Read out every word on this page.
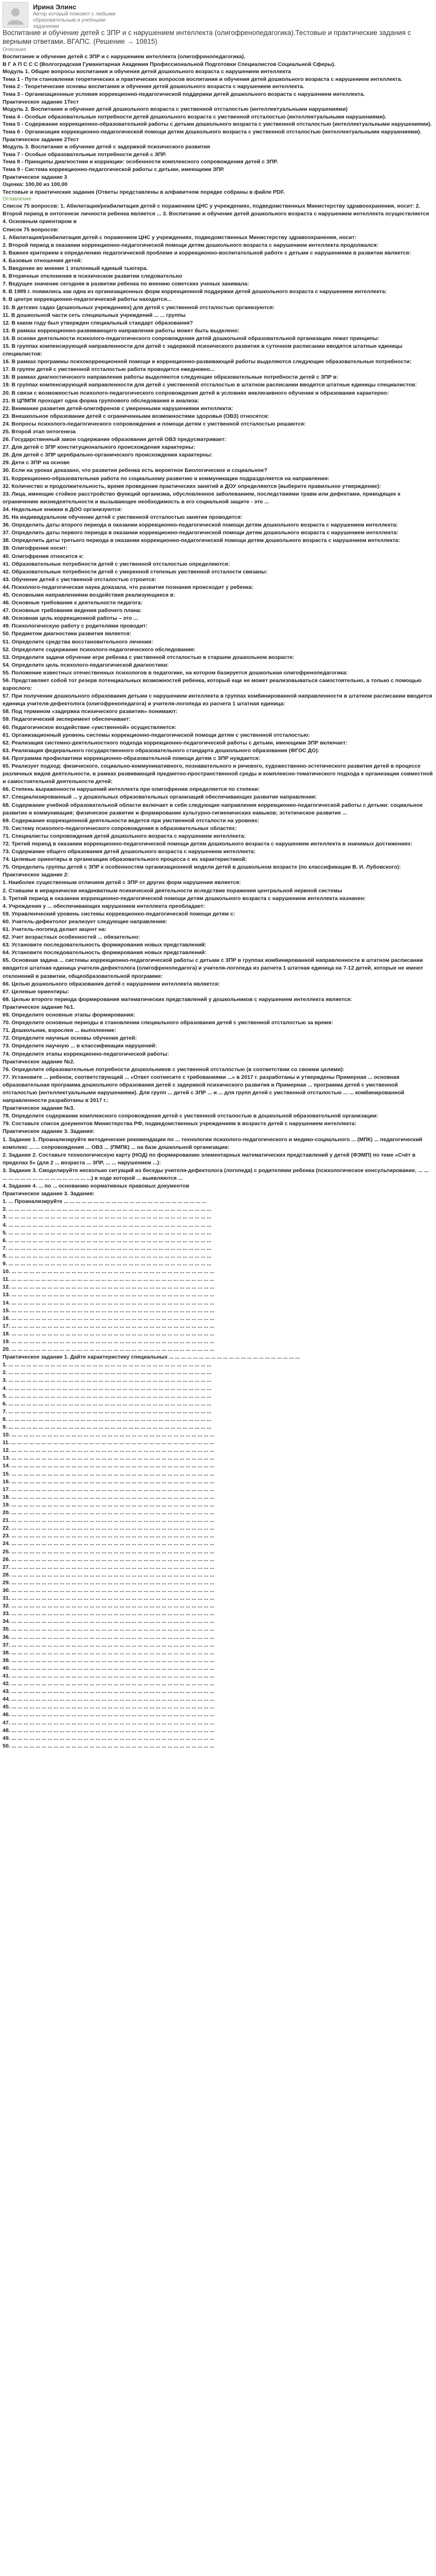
Ирина Элинс
Автор который поможет с любыми образовательным и учебными заданиями
Воспитание и обучение детей с ЗПР и с нарушением интеллекта (олигофренопедагогика).Тестовые и практические задания с верными ответами. ВГАПС. (Решение → 10815)
Описание

Воспитание и обучение детей с ЗПР и с нарушением интеллекта (олигофренопедагогика).

В Г А П С С С (Волгоградская Гуманитарная Академия Профессиональной Подготовки Специалистов Социальной Сферы).

Модуль 1. Общие вопросы воспитания и обучения детей дошкольного возраста с нарушением интеллекта

Тема 1 - Пути становления теоретических и практических вопросов воспитания и обучения детей дошкольного возраста с нарушением интеллекта.

Тема 2 - Теоретические основы воспитания и обучения детей дошкольного возраста с нарушением интеллекта.

Тема 3 - Организационные условия коррекционно-педагогической поддержки детей дошкольного возраста с нарушением интеллекта.

Практическое задание 1Тест

Модуль 2. Воспитание и обучение детей дошкольного возраста с умственной отсталостью (интеллектуальными нарушениями)

Тема 4 - Особые образовательные потребности детей дошкольного возраста с умственной отсталостью (интеллектуальными нарушениями).

Тема 5 - Содержание коррекционно-образовательной работы с детьми дошкольного возраста с умственной отсталостью (интеллектуальными нарушениями).

Тема 6 - Организация коррекционно-педагогической помощи детям дошкольного возраста с умственной отсталостью (интеллектуальными нарушениями).

Практическое задание 2Тест

Модуль 3. Воспитание и обучение детей с задержкой психического развития

Тема 7 - Особые образовательные потребности детей с ЗПР.

Тема 8 - Принципы диагностики и коррекции: особенности комплексного сопровождения детей с ЗПР.

Тема 9 - Система коррекционно-педагогической работы с детьми, имеющими ЗПР.

Практическое задание 3

Оценка: 100,00 из 100,00

Тестовые и практические задания (Ответы представлены в алфавитном порядке собраны в файле PDF.

Оглавление

Список 75 вопросов: 1. Абилитация/реабилитация детей с поражением ЦНС у учреждениях, подведомственных Министерству здравоохранения, носит: 2. Второй период в онтогенезе личности ребенка является ... 3. Воспитание и обучение детей дошкольного возраста с нарушением интеллекта осуществляется 4. Основным ориентиром в

Список 75 вопросов:

1. Абилитация/реабилитация детей с поражением ЦНС у учреждениях, подведомственных Министерству здравоохранения, носит:

2. Второй период в оказании коррекционно-педагогической помощи детям дошкольного возраста с нарушением интеллекта продолжался:

3. Важнее критерием к определению педагогической проблеме и коррекционно-воспитательной работе с детьми с нарушениями в развитии является:

4. Базовые отношения детей:

5. Введение во мнение 1 эталонный единый тьютера.

6. Вторичные отклонения в психическом развитии следовательно

7. Ведущее значение сегодняя в развитии ребенка по мнению советских ученых занимала:

8. В 1989 г. появились как одна из организационных форм коррекционной поддержки детей дошкольного возраста с нарушением интеллекта:

9. В центре коррекционно-педагогической работы находится...

10. В детских садах (дошкольных учреждениях) для детей с умственной отсталостью организуются:

11. В дошкольной части сеть специальных учреждений ... ... группы

12. В каком году был утвержден специальный стандарт образования?

13. В рамках коррекционно-развивающего направления работы может быть выделено:

14. В основе деятельности психолого-педагогического сопровождения детей дошкольной образовательной организации лежат принципы:

15. В группах компенсирующей направленности для детей с задержкой психического развития в суточном расписании вводятся штатные единицы специалистов:

16. В рамках программы психокоррекционной помощи и коррекционно-развивающей работы выделяются следующие образовательные потребности:

17. В группе детей с умственной отсталостью работа проводится ежедневно...

18. В рамках диагностического направления работы выделяются следующие образовательные потребности детей с ЗПР в:

19. В группах компенсирующей направленности для детей с умственной отсталостью в штатном расписании вводятся штатные единицы специалистов:

20. В связи с возможностью психолого-педагогического сопровождения детей в условиях инклюзивного обучения и образования характерно:

21. В ЦПМПК проходит одна форма группового обследования и анализа:

22. Внимание развития детей-олигофренов с умеренными нарушениями интеллекта:

23. Внешкольное образование детей с ограниченными возможностями здоровья (ОВЗ) относятся:

24. Вопросы психолого-педагогического сопровождения и помощи детям с умственной отсталостью решаются:

25. Второй этап онтогенеза

26. Государственный закон содержание образования детей ОВЗ предусматривает:

27. Для детей с ЗПР конституционального происхождения характерны:

28. Для детей с ЗПР церебрально-органического происхождения характерны:

29. Дети с ЗПР на основе

30. Если на уроках доказано, что развития ребенка есть вероятное Биологическое и социальное?

31. Коррекционно-образовательная работа по социальному развитию и коммуникации подразделяется на направления:

32. Количество и продолжительность, время проведения практических занятий в ДОУ определяются (выберите правильное утверждение):

33. Лица, имеющие стойкое расстройство функций организма, обусловленное заболеванием, последствиями травм или дефектами, приводящее к ограничению жизнедеятельности и вызывающее необходимость в его социальной защите - это ...

34. Недельные книжки в ДОО организуются:

35. На индивидуальном обучении детей с умственной отсталостью занятия проводятся:

36. Определить даты второго периода в оказании коррекционно-педагогической помощи детям дошкольного возраста с нарушением интеллекта:

37. Определить даты первого периода в оказании коррекционно-педагогической помощи детям дошкольного возраста с нарушением интеллекта:

38. Определить даты третьего периода в оказании коррекционно-педагогической помощи детям дошкольного возраста с нарушением интеллекта:

39. Олигофрения носит:

40. Олигофрения относится к:

41. Образовательные потребности детей с умственной отсталостью определяются:

42. Образовательные потребности детей с умеренной степенью умственной отсталости связаны:

43. Обучение детей с умственной отсталостью строится:

44. Психолого-педагогическая наука доказала, что развитие познания происходит у ребенка:

45. Основными направлениями воздействия реализующиеся в:

46. Основные требования к деятельности педагога:

47. Основные требования ведения рабочего плана:

48. Основная цель коррекционной работы – это ...

49. Психологическую работу с родителями проводит:

50. Предметом диагностики развития является:

51. Определите средства восстановительного лечения:

52. Определите содержание психолого-педагогического обследования:

53. Определите задачи обучение игре ребенка с умственной отсталостью в старшем дошкольном возрасте:

54. Определите цель психолого-педагогической диагностики:

55. Положение известных отечественных психологов в педагогике, на котором базируется дошкольная олигофренопедагогика:

56. Представляет собой тот резерв потенциальных возможностей ребенка, который еще не может реализовываться самостоятельно, а только с помощью взрослого:

57. При получении дошкольного образования детьми с нарушением интеллекта в группах комбинированной направленности в штатном расписании вводится единица учителя-дефектолога (олигофренопедагога) и учителя-логопеда из расчета 1 штатная единица:

58. Под термином «задержка психического развития» понимают:

59. Педагогический эксперимент обеспечивает:

60. Педагогическое воздействие «умственной» осуществляется:

61. Организационный уровень системы коррекционно-педагогической помощи детям с умственной отсталостью:

62. Реализация системно-деятельностного подхода коррекционно-педагогической работы с детьми, имеющими ЗПР включает:

63. Реализация федерального государственного образовательного стандарта дошкольного образования (ФГОС ДО):

64. Программа профилактики коррекционно-образовательной помощи детям с ЗПР нуждается:

65. Реализует подход: физического, социально-коммуникативного, познавательного и речевого, художественно-эстетического развития детей в процессе различных видов деятельности, в рамках развивающей предметно-пространственной среды и комплексно-тематического подхода к организации совместной и самостоятельной деятельности детей:

66. Степень выраженности нарушений интеллекта при олигофрении определяется по степени:

67. Специализированный ... у дошкольных образовательных организаций обеспечивающих развитие направления:

68. Содержание учебной образовательной области включает в себя следующие направления коррекционно-педагогической работы с детьми: социальное развитие и коммуникация; физическое развитие и формирование культурно-гигиенических навыков; эстетическое развитие ...

69. Содержание коррекционной деятельности ведется при умственной отсталости на уровнях:

70. Систему психолого-педагогического сопровождения в образовательных областях:

71. Специалисты сопровождения детей дошкольного возраста с нарушением интеллекта:

72. Третий период в оказании коррекционно-педагогической помощи детям дошкольного возраста с нарушением интеллекта в значимых достижениях:

73. Содержание общего образования детей дошкольного возраста с нарушением интеллекта:

74. Целевые ориентиры в организации образовательного процесса с их характеристикой:

75. Определить группы детей с ЗПР к особенностям организационной модели детей в дошкольном возрасте (по классификации В. И. Лубовского):

Практическое задание 2:

1. Наиболее существенным отличием детей с ЗПР от других форм нарушения является:

2. Ставшим в иерархически неадекватным психической деятельности вследствие поражения центральной нервной системы

3. Третий период в оказании коррекционно-педагогической помощи детям дошкольного возраста с нарушением интеллекта назначен:

4. Учреждения у ... обеспечивающих нарушением интеллекта преобладает:

59. Управленческий уровень системы коррекционно-педагогической помощи детям с:

60. Учитель-дефектолог реализует следующие направления:

61. Учитель-логопед делает акцент на:

62. Учет возрастных особенностей ... обязательно:

63. Установите последовательность формирования новых представлений:

64. Установите последовательность формирования новых представлений:

65. Основная задача ... системы коррекционно-педагогической работы с детьми с ЗПР в группах комбинированной направленности в штатном расписании вводится штатная единица учителя-дефектолога (олигофренопедагога) и учителя-логопеда из расчета 1 штатная единица на 7-12 детей, которые не имеют отклонений в развитии, общеобразовательной программе:

66. Целью дошкольного образования детей с нарушением интеллекта является:

67. Целевые ориентиры:

68. Целью второго периода формирования математических представлений у дошкольников с нарушением интеллекта является:

Практическое задание №1.

69. Определите основные этапы формирования:

70. Определите основные периоды в становлении специального образования детей с умственной отсталостью за время:

71. Дошкольник, взрослея ... выполнение:

72. Определите научные основы обучения детей:

73. Определите научную ... в классификации нарушений:

74. Определите этапы коррекционно-педагогической работы:

Практическое задание №2.

76. Определите образовательные потребности дошкольников с умственной отсталостью (в соответствии со своими целями):

77. Установите ... ребенок, соответствующий ... «Ответ соотнесите с требованиями ...» в 2017 г. разработаны и утверждены Примерная ... основная образовательная программа дошкольного образования детей с задержкой психического развития и Примерная ... программа детей с умственной отсталостью (интеллектуальными нарушениями). Для групп ... детей с ЗПР ... и ... для групп детей с умственной отсталостью ... ... комбинированной направленности разработаны в 2017 г.:

Практическое задание №3.

78. Определите содержание комплексного сопровождения детей с умственной отсталостью в дошкольной образовательной организации:

79. Составьте список документов Министерства РФ, подведомственных учреждениям в возрасте детей с нарушением интеллекта:

Практическое задание 3. Задания:

1. Задание 1. Проанализируйте методические рекомендации по ... технологии психолого-педагогического и медико-социального ... (МПК) ... педагогический комплекс ... ... сопровождения ... ОВЗ ... (ПМПК) ... на базе дошкольной организации:

2. Задание 2. Составьте технологическую карту (НОД) по формированию элементарных математических представлений у детей (ФЭМП) по теме «Счёт в пределах 5» (для 2 ... возраста ... ЗПР, ... ... нарушением ...):

3. Задание 3. Смоделируйте несколько ситуаций из беседы учителя-дефектолога (логопеда) с родителями ребенка (психологическое консультирование, ... ... ... ... ... ... ... ... ... ... ... ... ... ... ... ... ...) в ходе которой ... выявляются ...

4. Задание 4. ... по ... основанию нормативных правовых документов

Практическое задание 3. Задания:

1. ... Проанализируйте ... ... ... ... ... ... ... ... ... ... ... ... ... ... ... ... ... ... ... ... ... ... ... ...

2. ... ... ... ... ... ... ... ... ... ... ... ... ... ... ... ... ... ... ... ... ... ... ... ... ... ... ... ... ... ... ... ... ... ...

3. ... ... ... ... ... ... ... ... ... ... ... ... ... ... ... ... ... ... ... ... ... ... ... ... ... ... ... ... ... ... ... ... ... ...

4. ... ... ... ... ... ... ... ... ... ... ... ... ... ... ... ... ... ... ... ... ... ... ... ... ... ... ... ... ... ... ... ... ... ...

5. ... ... ... ... ... ... ... ... ... ... ... ... ... ... ... ... ... ... ... ... ... ... ... ... ... ... ... ... ... ... ... ... ... ...

6. ... ... ... ... ... ... ... ... ... ... ... ... ... ... ... ... ... ... ... ... ... ... ... ... ... ... ... ... ... ... ... ... ... ...

7. ... ... ... ... ... ... ... ... ... ... ... ... ... ... ... ... ... ... ... ... ... ... ... ... ... ... ... ... ... ... ... ... ... ...

8. ... ... ... ... ... ... ... ... ... ... ... ... ... ... ... ... ... ... ... ... ... ... ... ... ... ... ... ... ... ... ... ... ... ...

9. ... ... ... ... ... ... ... ... ... ... ... ... ... ... ... ... ... ... ... ... ... ... ... ... ... ... ... ... ... ... ... ... ... ...

10. ... ... ... ... ... ... ... ... ... ... ... ... ... ... ... ... ... ... ... ... ... ... ... ... ... ... ... ... ... ... ... ... ... ...

11. ... ... ... ... ... ... ... ... ... ... ... ... ... ... ... ... ... ... ... ... ... ... ... ... ... ... ... ... ... ... ... ... ... ...

12. ... ... ... ... ... ... ... ... ... ... ... ... ... ... ... ... ... ... ... ... ... ... ... ... ... ... ... ... ... ... ... ... ... ...

13. ... ... ... ... ... ... ... ... ... ... ... ... ... ... ... ... ... ... ... ... ... ... ... ... ... ... ... ... ... ... ... ... ... ...

14. ... ... ... ... ... ... ... ... ... ... ... ... ... ... ... ... ... ... ... ... ... ... ... ... ... ... ... ... ... ... ... ... ... ...

15. ... ... ... ... ... ... ... ... ... ... ... ... ... ... ... ... ... ... ... ... ... ... ... ... ... ... ... ... ... ... ... ... ... ...

16. ... ... ... ... ... ... ... ... ... ... ... ... ... ... ... ... ... ... ... ... ... ... ... ... ... ... ... ... ... ... ... ... ... ...

17. ... ... ... ... ... ... ... ... ... ... ... ... ... ... ... ... ... ... ... ... ... ... ... ... ... ... ... ... ... ... ... ... ... ...

18. ... ... ... ... ... ... ... ... ... ... ... ... ... ... ... ... ... ... ... ... ... ... ... ... ... ... ... ... ... ... ... ... ... ...

19. ... ... ... ... ... ... ... ... ... ... ... ... ... ... ... ... ... ... ... ... ... ... ... ... ... ... ... ... ... ... ... ... ... ...

20. ... ... ... ... ... ... ... ... ... ... ... ... ... ... ... ... ... ... ... ... ... ... ... ... ... ... ... ... ... ... ... ... ... ...

Практическое задание 1. Дайте характеристику специальных ... ... ... ... ... ... ... ... ... ... ... ... ... ... ... ... ... ... ... ... ... ...

1. ... ... ... ... ... ... ... ... ... ... ... ... ... ... ... ... ... ... ... ... ... ... ... ... ... ... ... ... ... ... ... ... ... ...

2. ... ... ... ... ... ... ... ... ... ... ... ... ... ... ... ... ... ... ... ... ... ... ... ... ... ... ... ... ... ... ... ... ... ...

3. ... ... ... ... ... ... ... ... ... ... ... ... ... ... ... ... ... ... ... ... ... ... ... ... ... ... ... ... ... ... ... ... ... ...

4. ... ... ... ... ... ... ... ... ... ... ... ... ... ... ... ... ... ... ... ... ... ... ... ... ... ... ... ... ... ... ... ... ... ...

5. ... ... ... ... ... ... ... ... ... ... ... ... ... ... ... ... ... ... ... ... ... ... ... ... ... ... ... ... ... ... ... ... ... ...

6. ... ... ... ... ... ... ... ... ... ... ... ... ... ... ... ... ... ... ... ... ... ... ... ... ... ... ... ... ... ... ... ... ... ...

7. ... ... ... ... ... ... ... ... ... ... ... ... ... ... ... ... ... ... ... ... ... ... ... ... ... ... ... ... ... ... ... ... ... ...

8. ... ... ... ... ... ... ... ... ... ... ... ... ... ... ... ... ... ... ... ... ... ... ... ... ... ... ... ... ... ... ... ... ... ...

9. ... ... ... ... ... ... ... ... ... ... ... ... ... ... ... ... ... ... ... ... ... ... ... ... ... ... ... ... ... ... ... ... ... ...

10. ... ... ... ... ... ... ... ... ... ... ... ... ... ... ... ... ... ... ... ... ... ... ... ... ... ... ... ... ... ... ... ... ... ...

11. ... ... ... ... ... ... ... ... ... ... ... ... ... ... ... ... ... ... ... ... ... ... ... ... ... ... ... ... ... ... ... ... ... ...

12. ... ... ... ... ... ... ... ... ... ... ... ... ... ... ... ... ... ... ... ... ... ... ... ... ... ... ... ... ... ... ... ... ... ...

13. ... ... ... ... ... ... ... ... ... ... ... ... ... ... ... ... ... ... ... ... ... ... ... ... ... ... ... ... ... ... ... ... ... ...

14. ... ... ... ... ... ... ... ... ... ... ... ... ... ... ... ... ... ... ... ... ... ... ... ... ... ... ... ... ... ... ... ... ... ...

15. ... ... ... ... ... ... ... ... ... ... ... ... ... ... ... ... ... ... ... ... ... ... ... ... ... ... ... ... ... ... ... ... ... ...

16. ... ... ... ... ... ... ... ... ... ... ... ... ... ... ... ... ... ... ... ... ... ... ... ... ... ... ... ... ... ... ... ... ... ...

17. ... ... ... ... ... ... ... ... ... ... ... ... ... ... ... ... ... ... ... ... ... ... ... ... ... ... ... ... ... ... ... ... ... ...

18. ... ... ... ... ... ... ... ... ... ... ... ... ... ... ... ... ... ... ... ... ... ... ... ... ... ... ... ... ... ... ... ... ... ...

19. ... ... ... ... ... ... ... ... ... ... ... ... ... ... ... ... ... ... ... ... ... ... ... ... ... ... ... ... ... ... ... ... ... ...

20. ... ... ... ... ... ... ... ... ... ... ... ... ... ... ... ... ... ... ... ... ... ... ... ... ... ... ... ... ... ... ... ... ... ...

21. ... ... ... ... ... ... ... ... ... ... ... ... ... ... ... ... ... ... ... ... ... ... ... ... ... ... ... ... ... ... ... ... ... ...

22. ... ... ... ... ... ... ... ... ... ... ... ... ... ... ... ... ... ... ... ... ... ... ... ... ... ... ... ... ... ... ... ... ... ...

23. ... ... ... ... ... ... ... ... ... ... ... ... ... ... ... ... ... ... ... ... ... ... ... ... ... ... ... ... ... ... ... ... ... ...

24. ... ... ... ... ... ... ... ... ... ... ... ... ... ... ... ... ... ... ... ... ... ... ... ... ... ... ... ... ... ... ... ... ... ...

25. ... ... ... ... ... ... ... ... ... ... ... ... ... ... ... ... ... ... ... ... ... ... ... ... ... ... ... ... ... ... ... ... ... ...

26. ... ... ... ... ... ... ... ... ... ... ... ... ... ... ... ... ... ... ... ... ... ... ... ... ... ... ... ... ... ... ... ... ... ...

27. ... ... ... ... ... ... ... ... ... ... ... ... ... ... ... ... ... ... ... ... ... ... ... ... ... ... ... ... ... ... ... ... ... ...

28. ... ... ... ... ... ... ... ... ... ... ... ... ... ... ... ... ... ... ... ... ... ... ... ... ... ... ... ... ... ... ... ... ... ...

29. ... ... ... ... ... ... ... ... ... ... ... ... ... ... ... ... ... ... ... ... ... ... ... ... ... ... ... ... ... ... ... ... ... ...

30. ... ... ... ... ... ... ... ... ... ... ... ... ... ... ... ... ... ... ... ... ... ... ... ... ... ... ... ... ... ... ... ... ... ...

31. ... ... ... ... ... ... ... ... ... ... ... ... ... ... ... ... ... ... ... ... ... ... ... ... ... ... ... ... ... ... ... ... ... ...

32. ... ... ... ... ... ... ... ... ... ... ... ... ... ... ... ... ... ... ... ... ... ... ... ... ... ... ... ... ... ... ... ... ... ...

33. ... ... ... ... ... ... ... ... ... ... ... ... ... ... ... ... ... ... ... ... ... ... ... ... ... ... ... ... ... ... ... ... ... ...

34. ... ... ... ... ... ... ... ... ... ... ... ... ... ... ... ... ... ... ... ... ... ... ... ... ... ... ... ... ... ... ... ... ... ...

35. ... ... ... ... ... ... ... ... ... ... ... ... ... ... ... ... ... ... ... ... ... ... ... ... ... ... ... ... ... ... ... ... ... ...

36. ... ... ... ... ... ... ... ... ... ... ... ... ... ... ... ... ... ... ... ... ... ... ... ... ... ... ... ... ... ... ... ... ... ...

37. ... ... ... ... ... ... ... ... ... ... ... ... ... ... ... ... ... ... ... ... ... ... ... ... ... ... ... ... ... ... ... ... ... ...

38. ... ... ... ... ... ... ... ... ... ... ... ... ... ... ... ... ... ... ... ... ... ... ... ... ... ... ... ... ... ... ... ... ... ...

39. ... ... ... ... ... ... ... ... ... ... ... ... ... ... ... ... ... ... ... ... ... ... ... ... ... ... ... ... ... ... ... ... ... ...

40. ... ... ... ... ... ... ... ... ... ... ... ... ... ... ... ... ... ... ... ... ... ... ... ... ... ... ... ... ... ... ... ... ... ...

41. ... ... ... ... ... ... ... ... ... ... ... ... ... ... ... ... ... ... ... ... ... ... ... ... ... ... ... ... ... ... ... ... ... ...

42. ... ... ... ... ... ... ... ... ... ... ... ... ... ... ... ... ... ... ... ... ... ... ... ... ... ... ... ... ... ... ... ... ... ...

43. ... ... ... ... ... ... ... ... ... ... ... ... ... ... ... ... ... ... ... ... ... ... ... ... ... ... ... ... ... ... ... ... ... ...

44. ... ... ... ... ... ... ... ... ... ... ... ... ... ... ... ... ... ... ... ... ... ... ... ... ... ... ... ... ... ... ... ... ... ...

45. ... ... ... ... ... ... ... ... ... ... ... ... ... ... ... ... ... ... ... ... ... ... ... ... ... ... ... ... ... ... ... ... ... ...

46. ... ... ... ... ... ... ... ... ... ... ... ... ... ... ... ... ... ... ... ... ... ... ... ... ... ... ... ... ... ... ... ... ... ...

47. ... ... ... ... ... ... ... ... ... ... ... ... ... ... ... ... ... ... ... ... ... ... ... ... ... ... ... ... ... ... ... ... ... ...

48. ... ... ... ... ... ... ... ... ... ... ... ... ... ... ... ... ... ... ... ... ... ... ... ... ... ... ... ... ... ... ... ... ... ...

49. ... ... ... ... ... ... ... ... ... ... ... ... ... ... ... ... ... ... ... ... ... ... ... ... ... ... ... ... ... ... ... ... ... ...

50. ... ... ... ... ... ... ... ... ... ... ... ... ... ... ... ... ... ... ... ... ... ... ... ... ... ... ... ... ... ... ... ... ... ...
